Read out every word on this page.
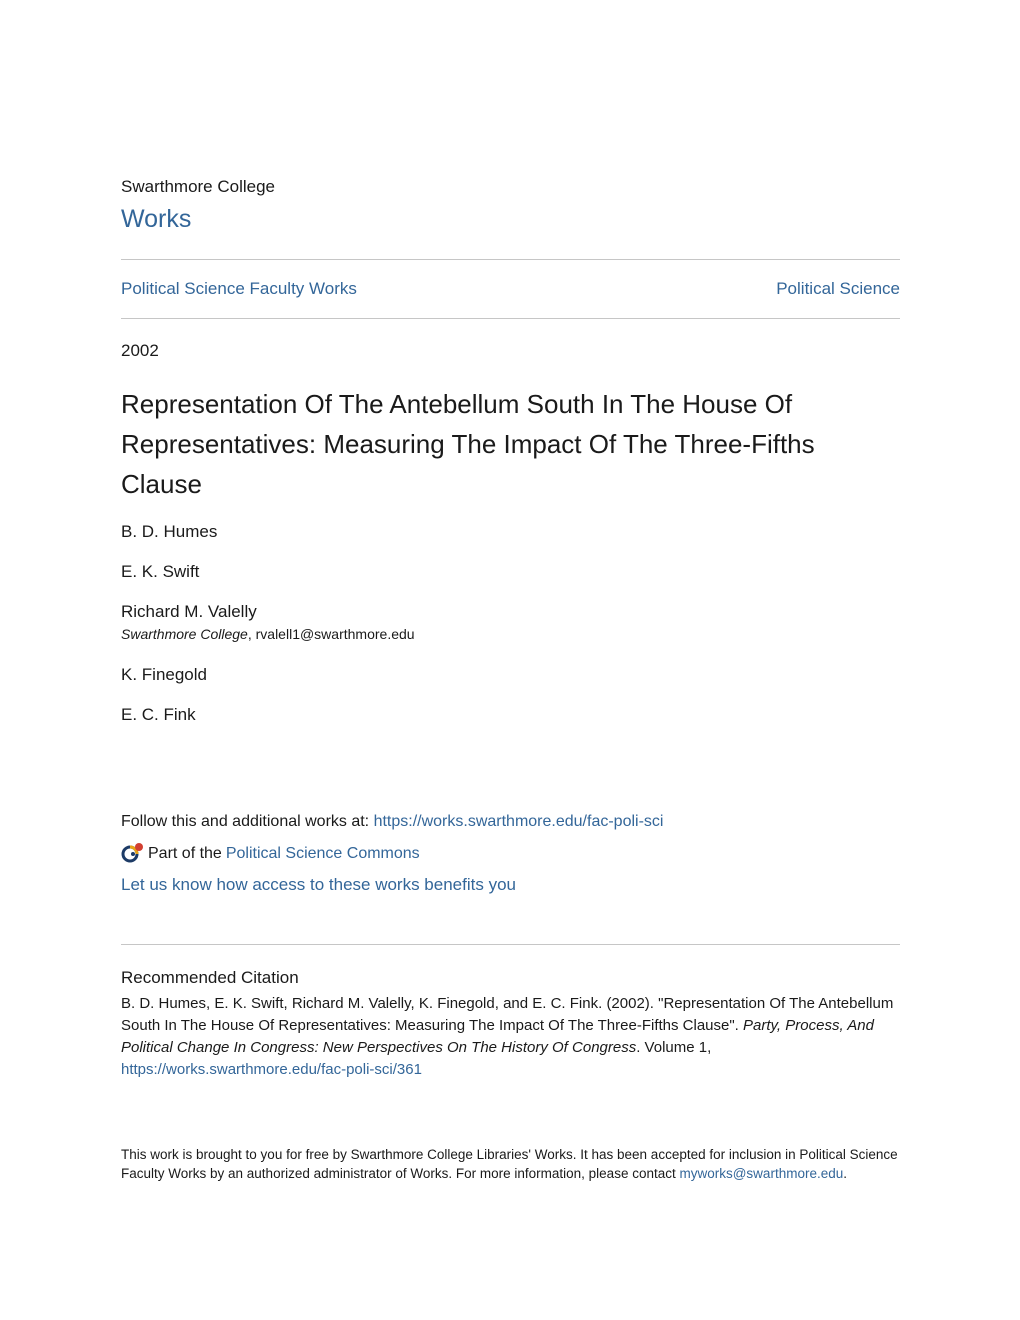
Swarthmore College
Works
Political Science Faculty Works	Political Science
2002
Representation Of The Antebellum South In The House Of Representatives: Measuring The Impact Of The Three-Fifths Clause
B. D. Humes
E. K. Swift
Richard M. Valelly
Swarthmore College, rvalell1@swarthmore.edu
K. Finegold
E. C. Fink
Follow this and additional works at: https://works.swarthmore.edu/fac-poli-sci
Part of the Political Science Commons
Let us know how access to these works benefits you
Recommended Citation
B. D. Humes, E. K. Swift, Richard M. Valelly, K. Finegold, and E. C. Fink. (2002). "Representation Of The Antebellum South In The House Of Representatives: Measuring The Impact Of The Three-Fifths Clause". Party, Process, And Political Change In Congress: New Perspectives On The History Of Congress. Volume 1,
https://works.swarthmore.edu/fac-poli-sci/361
This work is brought to you for free by Swarthmore College Libraries' Works. It has been accepted for inclusion in Political Science Faculty Works by an authorized administrator of Works. For more information, please contact myworks@swarthmore.edu.
